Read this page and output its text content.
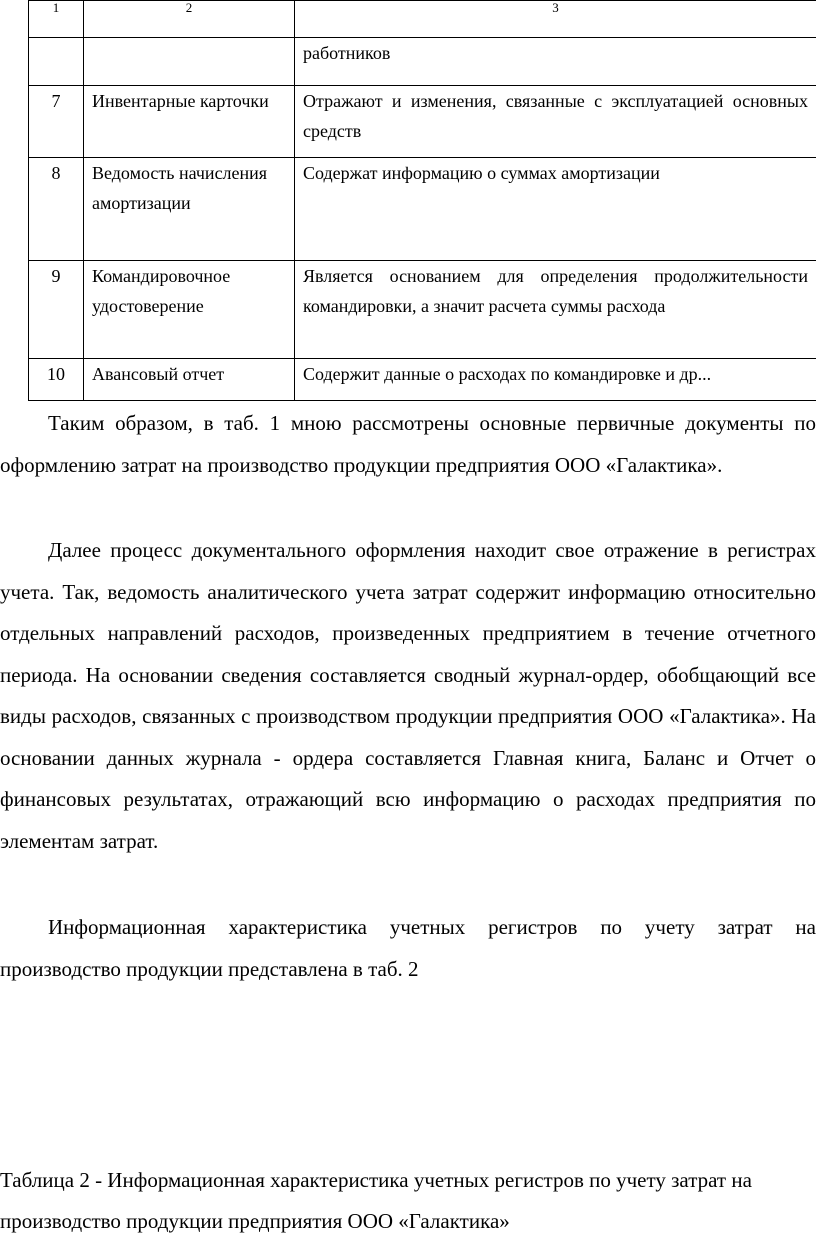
1	2	3
		работников
7	Инвентарные карточки	Отражают и изменения, связанные с эксплуатацией основных средств
8	Ведомость начисления амортизации	Содержат информацию о суммах амортизации
9	Командировочное удостоверение	Является основанием для определения продолжительности командировки, а значит расчета суммы расхода
10	Авансовый отчет	Содержит данные о расходах по командировке и др...

Таким образом, в таб. 1 мною рассмотрены основные первичные документы по оформлению затрат на производство продукции предприятия ООО «Галактика».

Далее процесс документального оформления находит свое отражение в регистрах учета. Так, ведомость аналитического учета затрат содержит информацию относительно отдельных направлений расходов, произведенных предприятием в течение отчетного периода. На основании сведения составляется сводный журнал-ордер, обобщающий все виды расходов, связанных с производством продукции предприятия ООО «Галактика». На основании данных журнала - ордера составляется Главная книга, Баланс и Отчет о финансовых результатах, отражающий всю информацию о расходах предприятия по элементам затрат.

Информационная характеристика учетных регистров по учету затрат на производство продукции представлена в таб. 2

Таблица 2 - Информационная характеристика учетных регистров по учету затрат на производство продукции предприятия ООО «Галактика»
